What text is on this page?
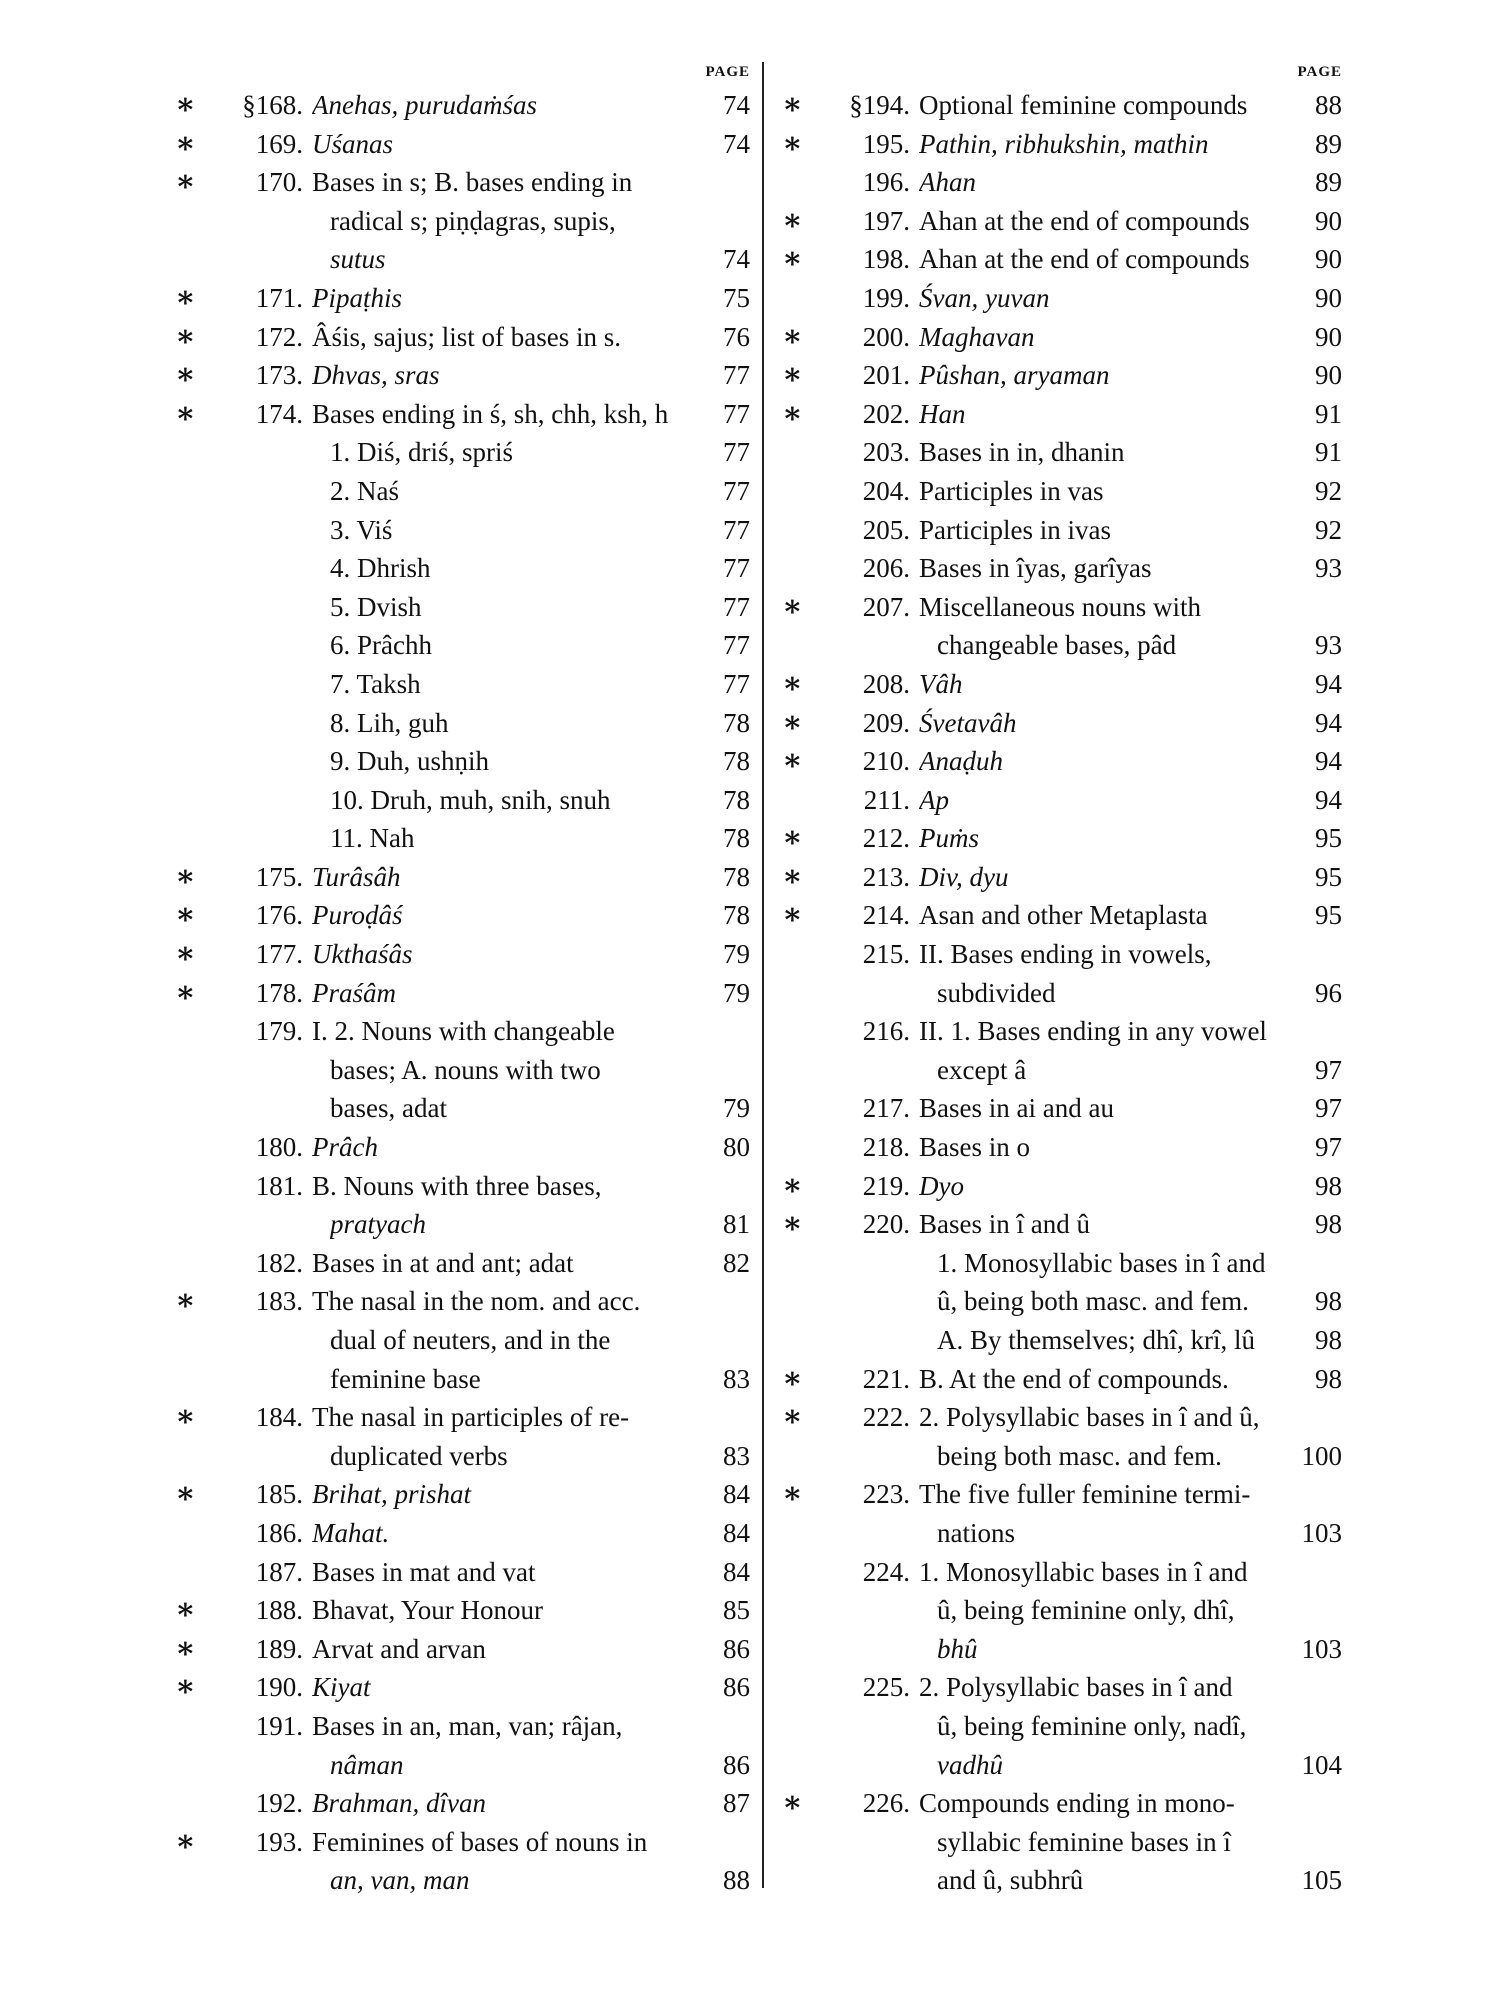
PAGE
∗	§168. Anehas, purudaṁśas	74
∗	169. Uśanas	74
∗	170. Bases in s; B. bases ending in
radical s; piṇḍagras, supis,
sutus	74
∗	171. Pipaṭhis	75
∗	172. Âśis, sajus; list of bases in s.	76
∗	173. Dhvas, sras	77
∗	174. Bases ending in ś, sh, chh, ksh, h	77
1. Diś, driś, spriś	77
2. Naś	77
3. Viś	77
4. Dhrish	77
5. Dvish	77
6. Prâchh	77
7. Taksh	77
8. Lih, guh	78
9. Duh, ushṇih	78
10. Druh, muh, snih, snuh	78
11. Nah	78
∗	175. Turâsâh	78
∗	176. Puroḍâś	78
∗	177. Ukthaśâs	79
∗	178. Praśâm	79
179. I. 2. Nouns with changeable
bases; A. nouns with two
bases, adat	79
180. Prâch	80
181. B. Nouns with three bases,
pratyach	81
182. Bases in at and ant; adat	82
∗	183. The nasal in the nom. and acc.
dual of neuters, and in the
feminine base	83
∗	184. The nasal in participles of re-
duplicated verbs	83
∗	185. Brihat, prishat	84
186. Mahat.	84
187. Bases in mat and vat	84
∗	188. Bhavat, Your Honour	85
∗	189. Arvat and arvan	86
∗	190. Kiyat	86
191. Bases in an, man, van; râjan,
nâman	86
192. Brahman, dîvan	87
∗	193. Feminines of bases of nouns in
an, van, man	88
PAGE
∗	§194. Optional feminine compounds	88
∗	195. Pathin, ribhukshin, mathin	89
196. Ahan	89
∗	197. Ahan at the end of compounds	90
∗	198. Ahan at the end of compounds	90
199. Śvan, yuvan	90
∗	200. Maghavan	90
∗	201. Pûshan, aryaman	90
∗	202. Han	91
203. Bases in in, dhanin	91
204. Participles in vas	92
205. Participles in ivas	92
206. Bases in îyas, garîyas	93
∗	207. Miscellaneous nouns with
changeable bases, pâd	93
∗	208. Vâh	94
∗	209. Śvetavâh	94
∗	210. Anaḍuh	94
211. Ap	94
∗	212. Puṁs	95
∗	213. Div, dyu	95
∗	214. Asan and other Metaplasta	95
215. II. Bases ending in vowels,
subdivided	96
216. II. 1. Bases ending in any vowel
except â	97
217. Bases in ai and au	97
218. Bases in o	97
∗	219. Dyo	98
∗	220. Bases in î and û	98
1. Monosyllabic bases in î and
û, being both masc. and fem.	98
A. By themselves; dhî, krî, lû	98
∗	221. B. At the end of compounds.	98
∗	222. 2. Polysyllabic bases in î and û,
being both masc. and fem.	100
∗	223. The five fuller feminine termi-
nations	103
224. 1. Monosyllabic bases in î and
û, being feminine only, dhî,
bhû	103
225. 2. Polysyllabic bases in î and
û, being feminine only, nadî,
vadhû	104
∗	226. Compounds ending in mono-
syllabic feminine bases in î
and û, subhrû	105
